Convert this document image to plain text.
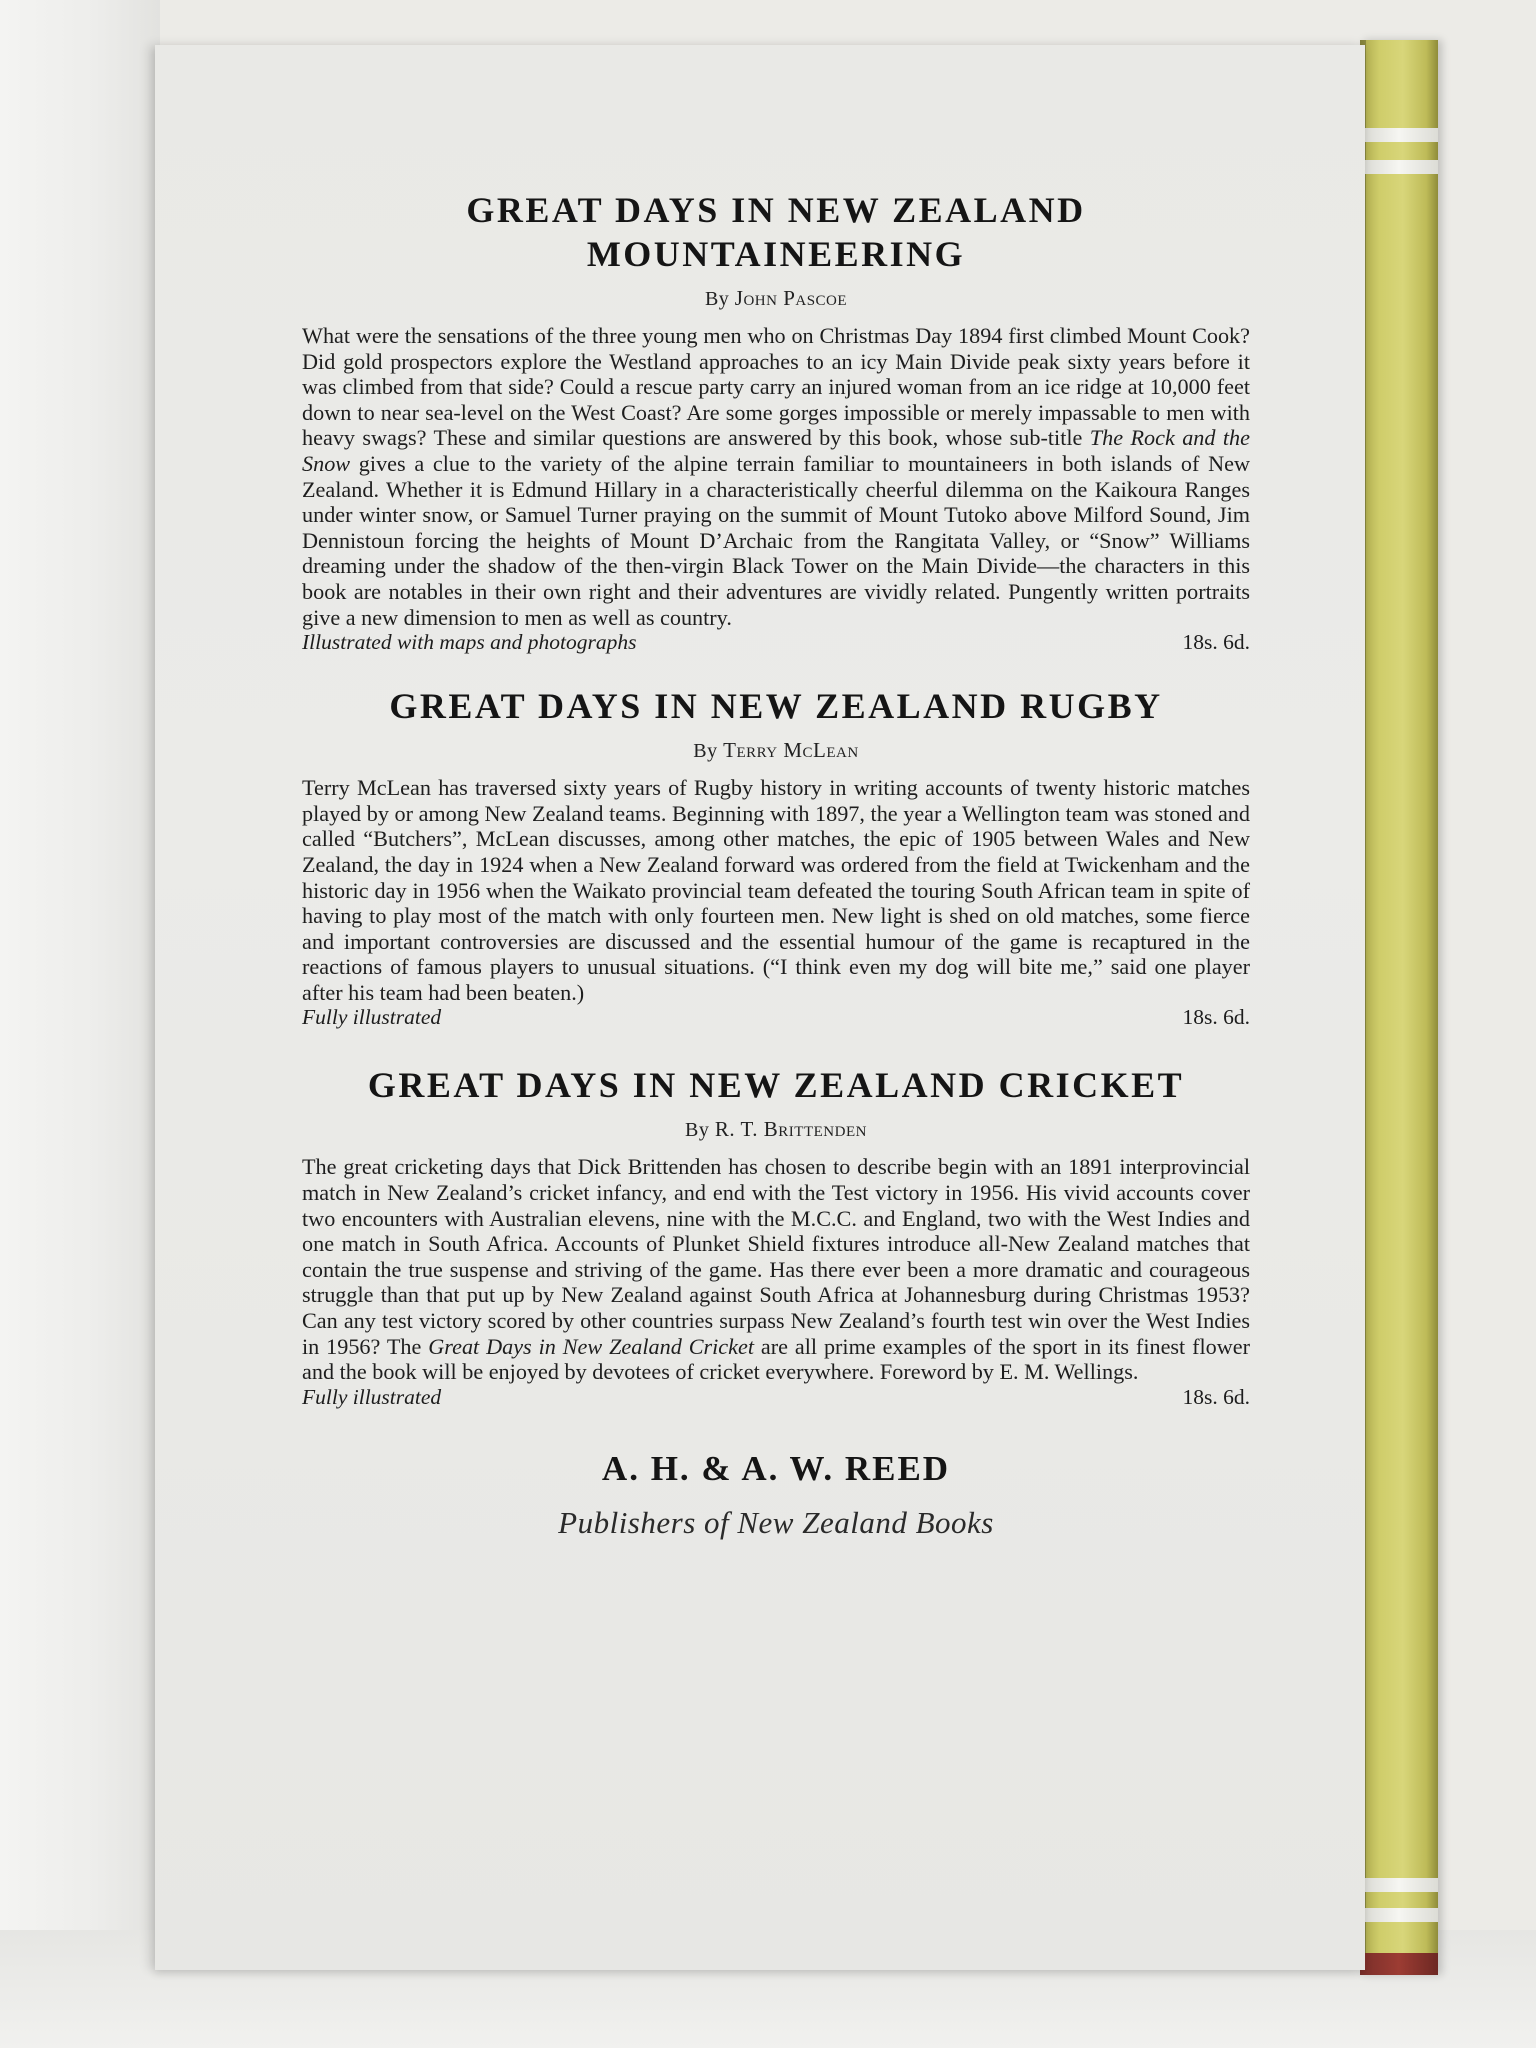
GREAT DAYS IN NEW ZEALAND
MOUNTAINEERING
By John Pascoe

What were the sensations of the three young men who on Christmas Day 1894 first climbed Mount Cook? Did gold prospectors explore the Westland approaches to an icy Main Divide peak sixty years before it was climbed from that side? Could a rescue party carry an injured woman from an ice ridge at 10,000 feet down to near sea-level on the West Coast? Are some gorges impossible or merely impassable to men with heavy swags? These and similar questions are answered by this book, whose sub-title The Rock and the Snow gives a clue to the variety of the alpine terrain familiar to mountaineers in both islands of New Zealand. Whether it is Edmund Hillary in a characteristically cheerful dilemma on the Kaikoura Ranges under winter snow, or Samuel Turner praying on the summit of Mount Tutoko above Milford Sound, Jim Dennistoun forcing the heights of Mount D’Archaic from the Rangitata Valley, or “Snow” Williams dreaming under the shadow of the then-virgin Black Tower on the Main Divide—the characters in this book are notables in their own right and their adventures are vividly related. Pungently written portraits give a new dimension to men as well as country.

Illustrated with maps and photographs	18s. 6d.
GREAT DAYS IN NEW ZEALAND RUGBY
By Terry McLean

Terry McLean has traversed sixty years of Rugby history in writing accounts of twenty historic matches played by or among New Zealand teams. Beginning with 1897, the year a Wellington team was stoned and called “Butchers”, McLean discusses, among other matches, the epic of 1905 between Wales and New Zealand, the day in 1924 when a New Zealand forward was ordered from the field at Twickenham and the historic day in 1956 when the Waikato provincial team defeated the touring South African team in spite of having to play most of the match with only fourteen men. New light is shed on old matches, some fierce and important controversies are discussed and the essential humour of the game is recaptured in the reactions of famous players to unusual situations. (“I think even my dog will bite me,” said one player after his team had been beaten.)

Fully illustrated	18s. 6d.
GREAT DAYS IN NEW ZEALAND CRICKET
By R. T. Brittenden

The great cricketing days that Dick Brittenden has chosen to describe begin with an 1891 interprovincial match in New Zealand’s cricket infancy, and end with the Test victory in 1956. His vivid accounts cover two encounters with Australian elevens, nine with the M.C.C. and England, two with the West Indies and one match in South Africa. Accounts of Plunket Shield fixtures introduce all-New Zealand matches that contain the true suspense and striving of the game. Has there ever been a more dramatic and courageous struggle than that put up by New Zealand against South Africa at Johannesburg during Christmas 1953? Can any test victory scored by other countries surpass New Zealand’s fourth test win over the West Indies in 1956? The Great Days in New Zealand Cricket are all prime examples of the sport in its finest flower and the book will be enjoyed by devotees of cricket everywhere. Foreword by E. M. Wellings.

Fully illustrated	18s. 6d.
A. H. & A. W. REED
Publishers of New Zealand Books
